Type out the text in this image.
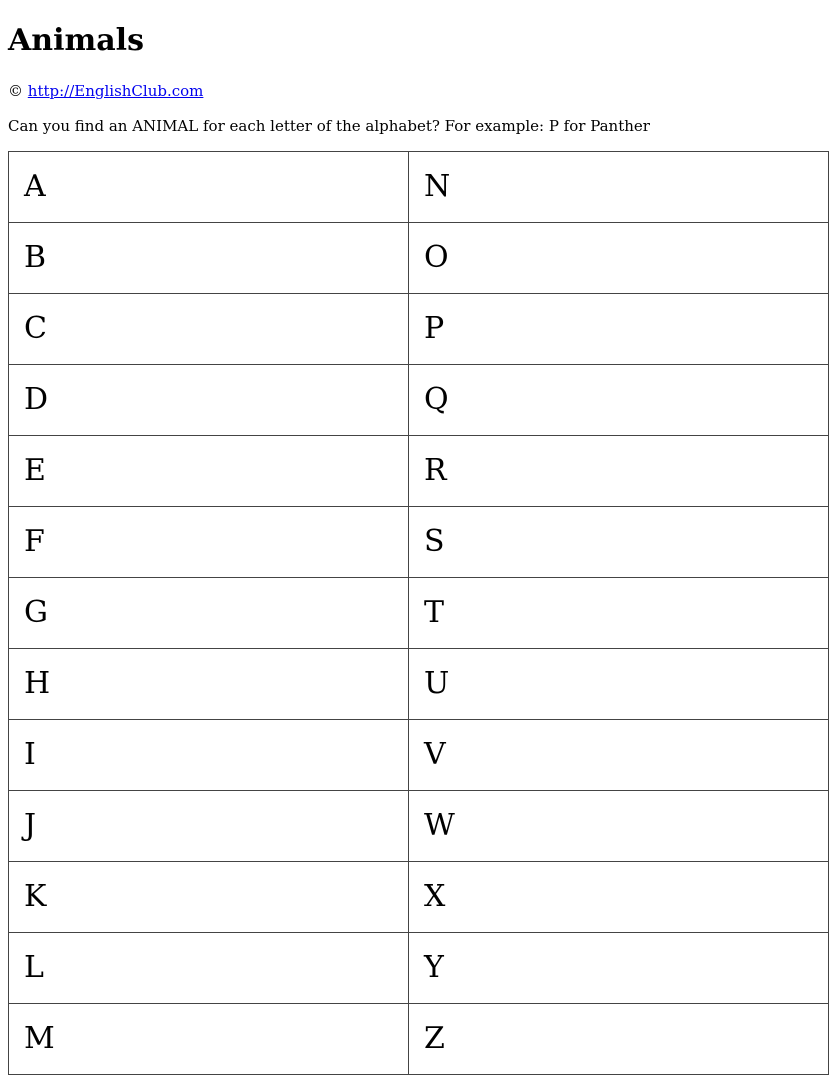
Animals

© http://EnglishClub.com

Can you find an ANIMAL for each letter of the alphabet? For example: P for Panther

A	N
B	O
C	P
D	Q
E	R
F	S
G	T
H	U
I	V
J	W
K	X
L	Y
M	Z
